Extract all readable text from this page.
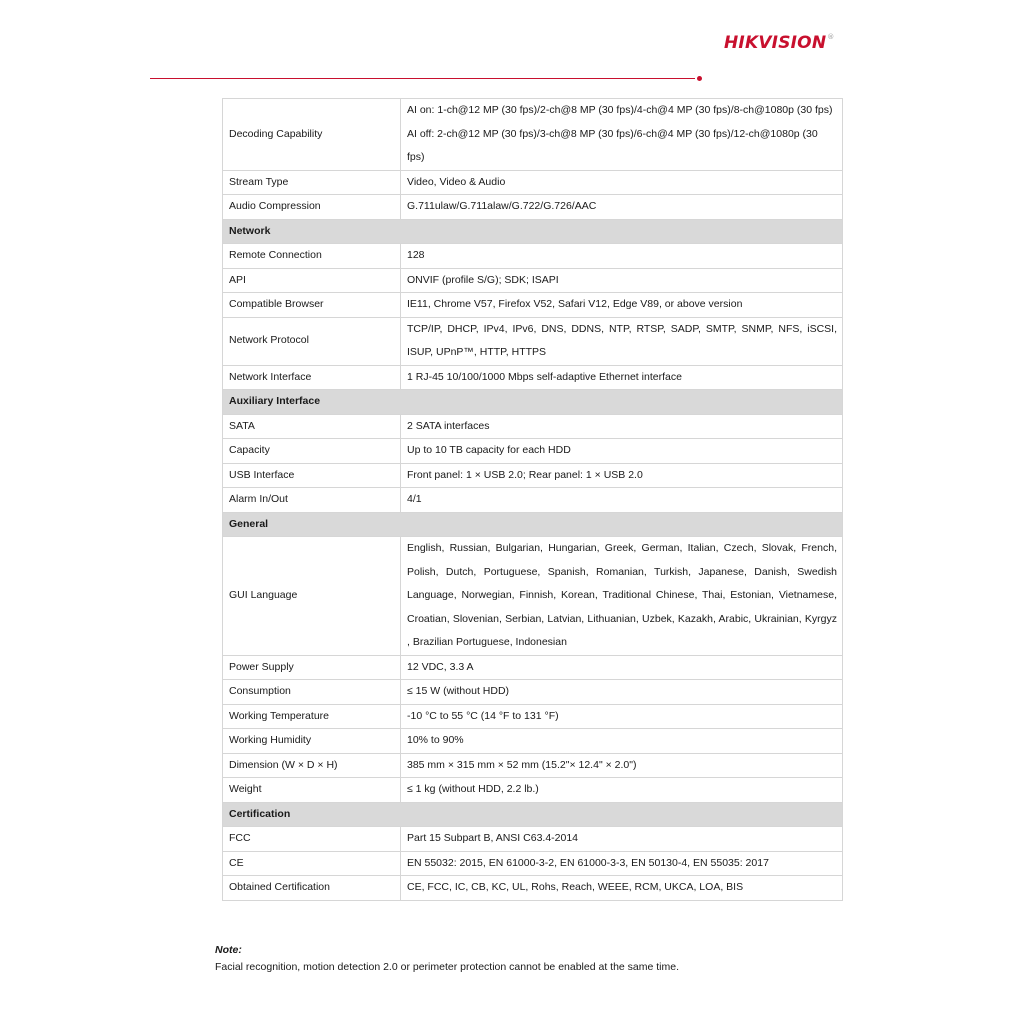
HIKVISION®
Decoding Capability	AI on: 1-ch@12 MP (30 fps)/2-ch@8 MP (30 fps)/4-ch@4 MP (30 fps)/8-ch@1080p (30 fps)
AI off: 2-ch@12 MP (30 fps)/3-ch@8 MP (30 fps)/6-ch@4 MP (30 fps)/12-ch@1080p (30 fps)
Stream Type	Video, Video & Audio
Audio Compression	G.711ulaw/G.711alaw/G.722/G.726/AAC
Network	
Remote Connection	128
API	ONVIF (profile S/G); SDK; ISAPI
Compatible Browser	IE11, Chrome V57, Firefox V52, Safari V12, Edge V89, or above version
Network Protocol	TCP/IP, DHCP, IPv4, IPv6, DNS, DDNS, NTP, RTSP, SADP, SMTP, SNMP, NFS, iSCSI, ISUP, UPnP™, HTTP, HTTPS
Network Interface	1 RJ-45 10/100/1000 Mbps self-adaptive Ethernet interface
Auxiliary Interface	
SATA	2 SATA interfaces
Capacity	Up to 10 TB capacity for each HDD
USB Interface	Front panel: 1 × USB 2.0; Rear panel: 1 × USB 2.0
Alarm In/Out	4/1
General	
GUI Language	English, Russian, Bulgarian, Hungarian, Greek, German, Italian, Czech, Slovak, French, Polish, Dutch, Portuguese, Spanish, Romanian, Turkish, Japanese, Danish, Swedish Language, Norwegian, Finnish, Korean, Traditional Chinese, Thai, Estonian, Vietnamese, Croatian, Slovenian, Serbian, Latvian, Lithuanian, Uzbek, Kazakh, Arabic, Ukrainian, Kyrgyz , Brazilian Portuguese, Indonesian
Power Supply	12 VDC, 3.3 A
Consumption	≤ 15 W (without HDD)
Working Temperature	-10 °C to 55 °C (14 °F to 131 °F)
Working Humidity	10% to 90%
Dimension (W × D × H)	385 mm × 315 mm × 52 mm (15.2"× 12.4" × 2.0")
Weight	≤ 1 kg (without HDD, 2.2 lb.)
Certification	
FCC	Part 15 Subpart B, ANSI C63.4-2014
CE	EN 55032: 2015, EN 61000-3-2, EN 61000-3-3, EN 50130-4, EN 55035: 2017
Obtained Certification	CE, FCC, IC, CB, KC, UL, Rohs, Reach, WEEE, RCM, UKCA, LOA, BIS
Note:
Facial recognition, motion detection 2.0 or perimeter protection cannot be enabled at the same time.
